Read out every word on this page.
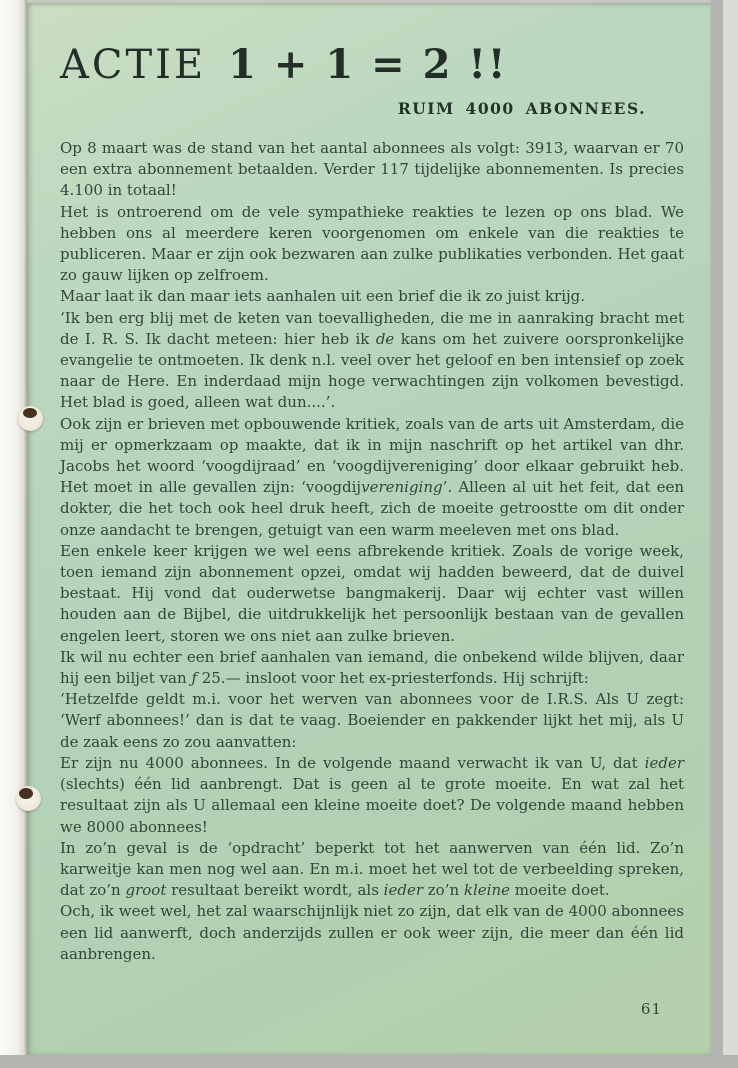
ACTIE 1 + 1 = 2 !!
RUIM 4000 ABONNEES.

Op 8 maart was de stand van het aantal abonnees als volgt: 3913, waarvan er 70 een extra abonnement betaalden. Verder 117 tijdelijke abonnementen. Is precies 4.100 in totaal!

Het is ontroerend om de vele sympathieke reakties te lezen op ons blad. We hebben ons al meerdere keren voorgenomen om enkele van die reakties te publiceren. Maar er zijn ook bezwaren aan zulke publikaties verbonden. Het gaat zo gauw lijken op zelfroem.

Maar laat ik dan maar iets aanhalen uit een brief die ik zo juist krijg.

‘Ik ben erg blij met de keten van toevalligheden, die me in aanraking bracht met de I. R. S. Ik dacht meteen: hier heb ik de kans om het zuivere oorspronkelijke evangelie te ontmoeten. Ik denk n.l. veel over het geloof en ben intensief op zoek naar de Here. En inderdaad mijn hoge verwachtingen zijn volkomen bevestigd. Het blad is goed, alleen wat dun....’.

Ook zijn er brieven met opbouwende kritiek, zoals van de arts uit Amsterdam, die mij er opmerkzaam op maakte, dat ik in mijn naschrift op het artikel van dhr. Jacobs het woord ‘voogdijraad’ en ‘voogdijvereniging’ door elkaar gebruikt heb. Het moet in alle gevallen zijn: ‘voogdijvereniging’. Alleen al uit het feit, dat een dokter, die het toch ook heel druk heeft, zich de moeite getroostte om dit onder onze aandacht te brengen, getuigt van een warm meeleven met ons blad.

Een enkele keer krijgen we wel eens afbrekende kritiek. Zoals de vorige week, toen iemand zijn abonnement opzei, omdat wij hadden beweerd, dat de duivel bestaat. Hij vond dat ouderwetse bangmakerij. Daar wij echter vast willen houden aan de Bijbel, die uitdrukkelijk het persoonlijk bestaan van de gevallen engelen leert, storen we ons niet aan zulke brieven.

Ik wil nu echter een brief aanhalen van iemand, die onbekend wilde blijven, daar hij een biljet van ƒ 25.— insloot voor het ex-priesterfonds. Hij schrijft:

‘Hetzelfde geldt m.i. voor het werven van abonnees voor de I.R.S. Als U zegt: ‘Werf abonnees!’ dan is dat te vaag. Boeiender en pakkender lijkt het mij, als U de zaak eens zo zou aanvatten:

Er zijn nu 4000 abonnees. In de volgende maand verwacht ik van U, dat ieder (slechts) één lid aanbrengt. Dat is geen al te grote moeite. En wat zal het resultaat zijn als U allemaal een kleine moeite doet? De volgende maand hebben we 8000 abonnees!

In zo’n geval is de ‘opdracht’ beperkt tot het aanwerven van één lid. Zo’n karweitje kan men nog wel aan. En m.i. moet het wel tot de verbeelding spreken, dat zo’n groot resultaat bereikt wordt, als ieder zo’n kleine moeite doet.

Och, ik weet wel, het zal waarschijnlijk niet zo zijn, dat elk van de 4000 abonnees een lid aanwerft, doch anderzijds zullen er ook weer zijn, die meer dan één lid aanbrengen.

61
